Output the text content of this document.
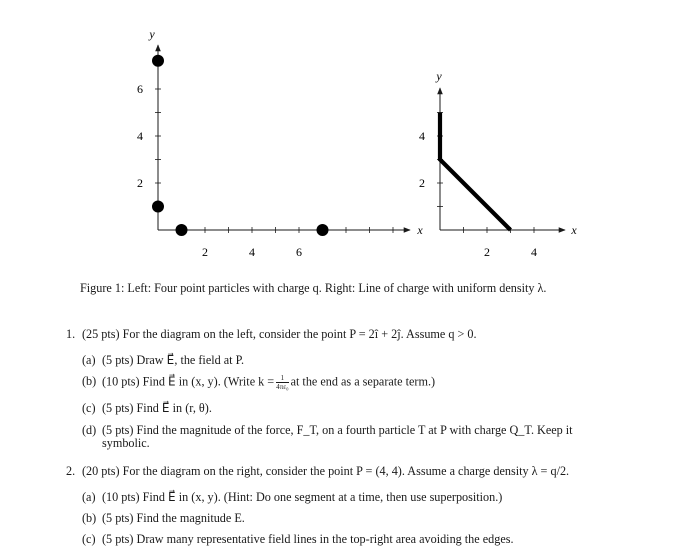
y
x
2	4	6
2
4
6
y
x
2	4
2
4
Figure 1: Left: Four point particles with charge q. Right: Line of charge with uniform density λ.
1. (25 pts) For the diagram on the left, consider the point P = 2î + 2ĵ. Assume q > 0.
(a) (5 pts) Draw E⃗, the field at P.
(b) (10 pts) Find E⃗ in (x, y). (Write $k = \frac{1}{\text{4πε₀}}$ at the end as a separate term.)
(c) (5 pts) Find E⃗ in (r, θ).
(d) (5 pts) Find the magnitude of the force, F_T, on a fourth particle T at P with charge Q_T. Keep it
symbolic.
2. (20 pts) For the diagram on the right, consider the point P = (4, 4). Assume a charge density λ = q/2.
(a) (10 pts) Find E⃗ in (x, y). (Hint: Do one segment at a time, then use superposition.)
(b) (5 pts) Find the magnitude E.
(c) (5 pts) Draw many representative field lines in the top-right area avoiding the edges.
